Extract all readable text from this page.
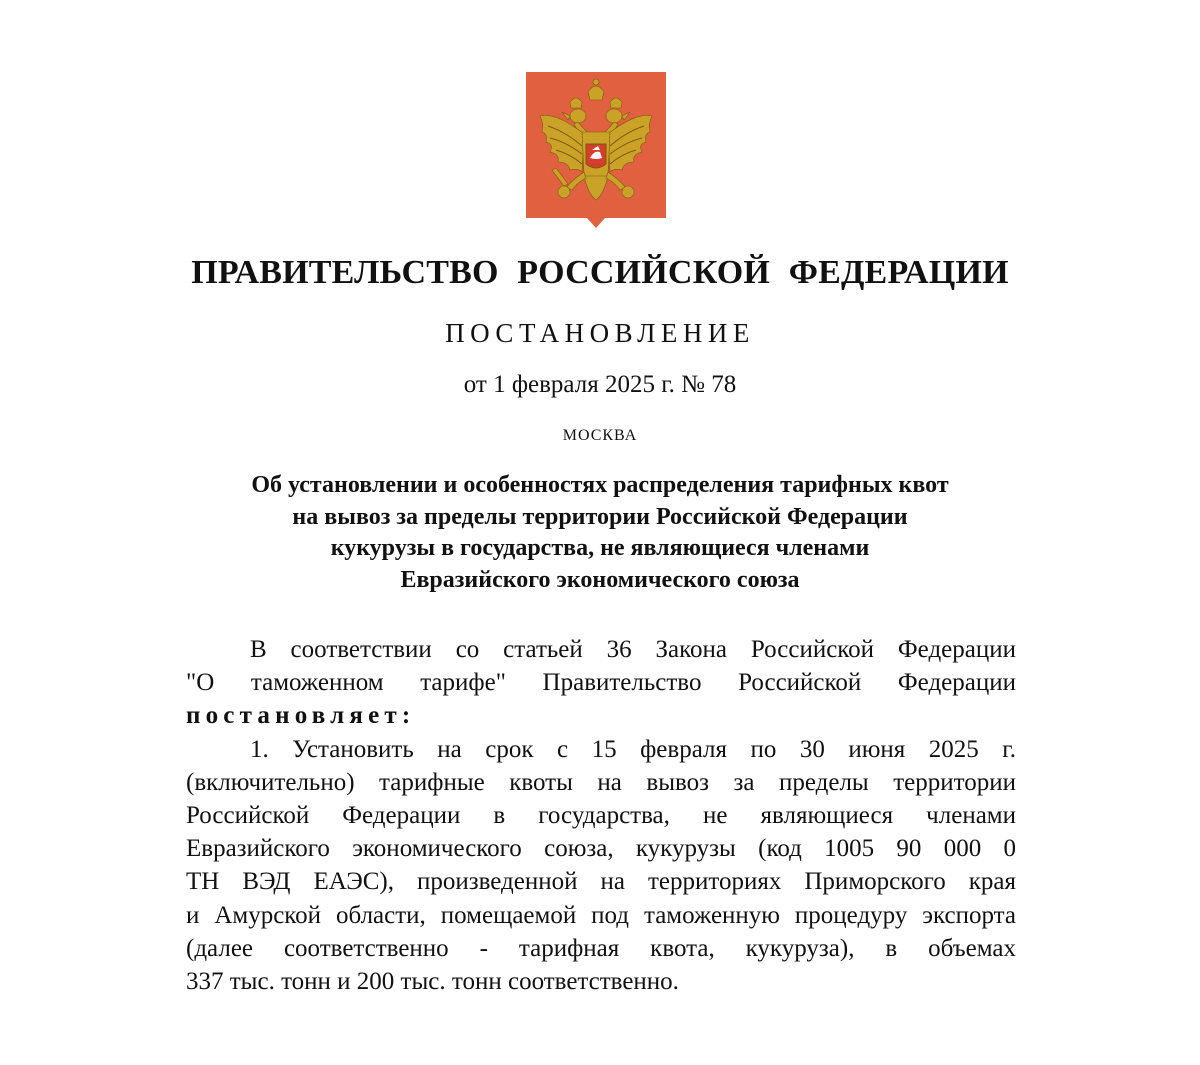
ПРАВИТЕЛЬСТВО РОССИЙСКОЙ ФЕДЕРАЦИИ
ПОСТАНОВЛЕНИЕ
от 1 февраля 2025 г. № 78
МОСКВА
Об установлении и особенностях распределения тарифных квот
на вывоз за пределы территории Российской Федерации
кукурузы в государства, не являющиеся членами
Евразийского экономического союза
В соответствии со статьей 36 Закона Российской Федерации
"О таможенном тарифе" Правительство Российской Федерации
постановляет:
1. Установить на срок с 15 февраля по 30 июня 2025 г.
(включительно) тарифные квоты на вывоз за пределы территории
Российской Федерации в государства, не являющиеся членами
Евразийского экономического союза, кукурузы (код 1005 90 000 0
ТН ВЭД ЕАЭС), произведенной на территориях Приморского края
и Амурской области, помещаемой под таможенную процедуру экспорта
(далее соответственно - тарифная квота, кукуруза), в объемах
337 тыс. тонн и 200 тыс. тонн соответственно.
